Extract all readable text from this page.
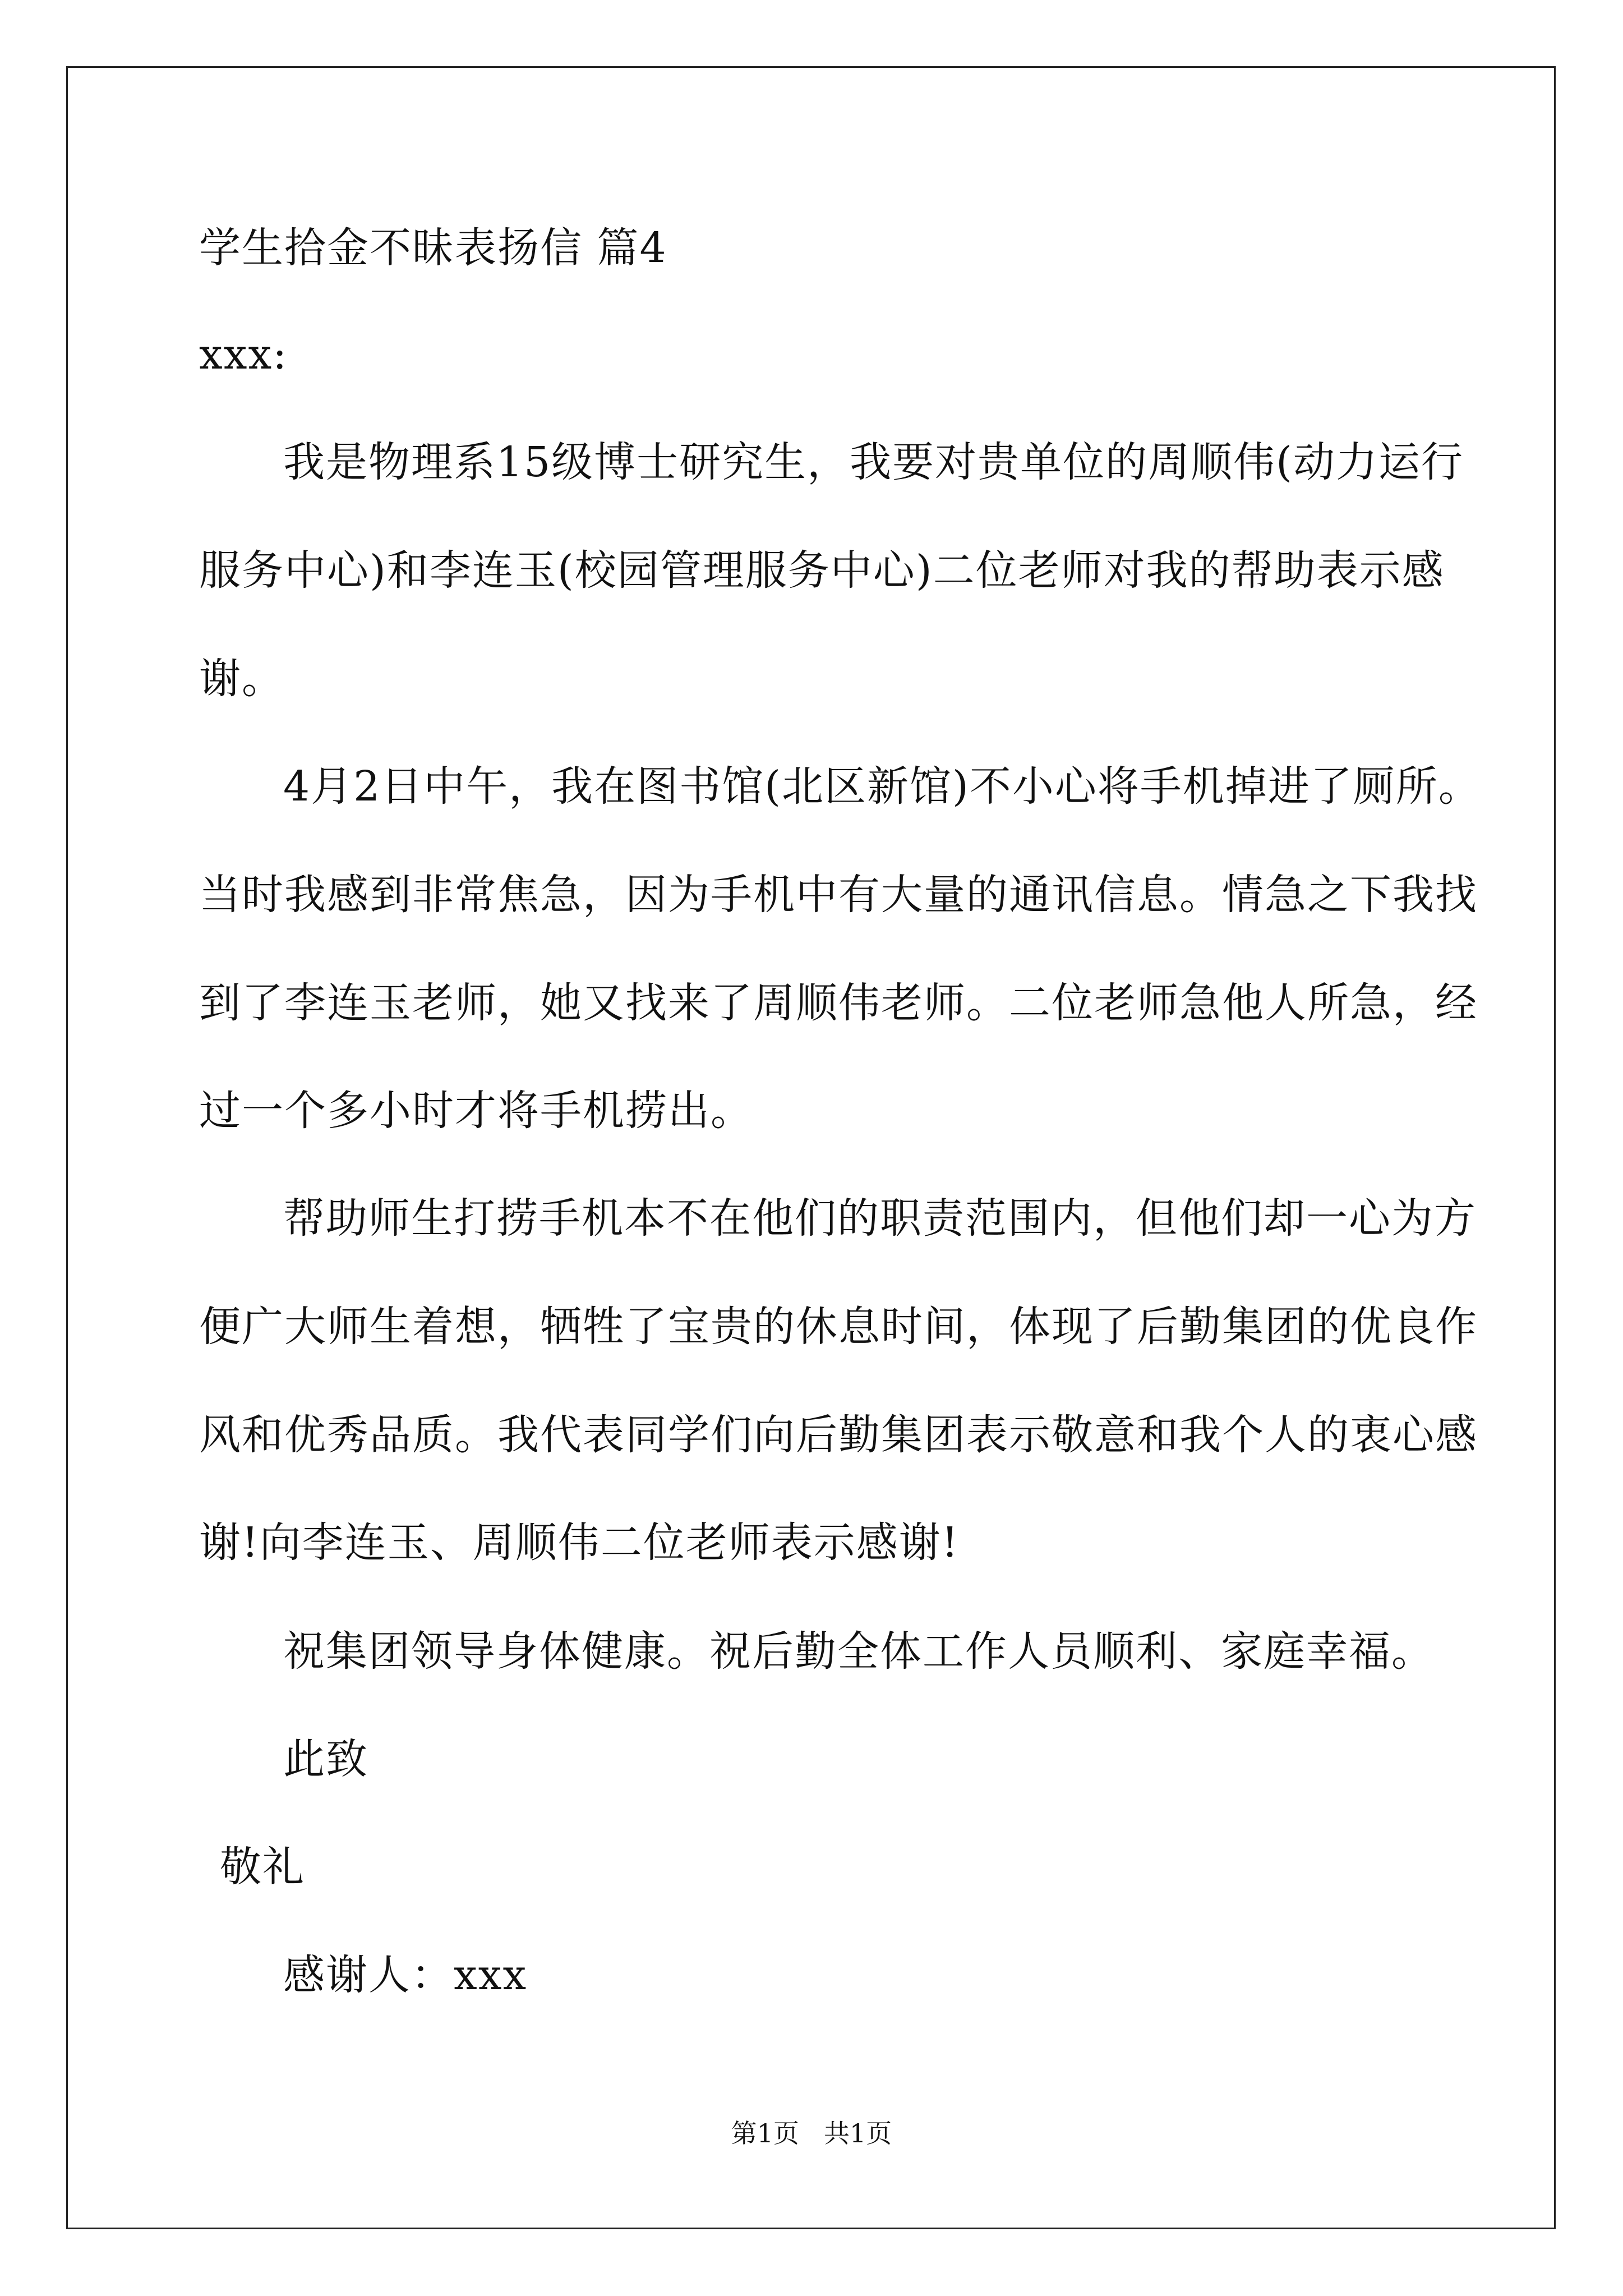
学生拾金不昧表扬信 篇4
xxx:
我是物理系15级博士研究生，我要对贵单位的周顺伟(动力运行
服务中心)和李连玉(校园管理服务中心)二位老师对我的帮助表示感
谢。
4月2日中午，我在图书馆(北区新馆)不小心将手机掉进了厕所。
当时我感到非常焦急，因为手机中有大量的通讯信息。情急之下我找
到了李连玉老师，她又找来了周顺伟老师。二位老师急他人所急，经
过一个多小时才将手机捞出。
帮助师生打捞手机本不在他们的职责范围内，但他们却一心为方
便广大师生着想，牺牲了宝贵的休息时间，体现了后勤集团的优良作
风和优秀品质。我代表同学们向后勤集团表示敬意和我个人的衷心感
谢!向李连玉、周顺伟二位老师表示感谢!
祝集团领导身体健康。祝后勤全体工作人员顺利、家庭幸福。
此致
敬礼
感谢人：xxx
第1页 共1页
